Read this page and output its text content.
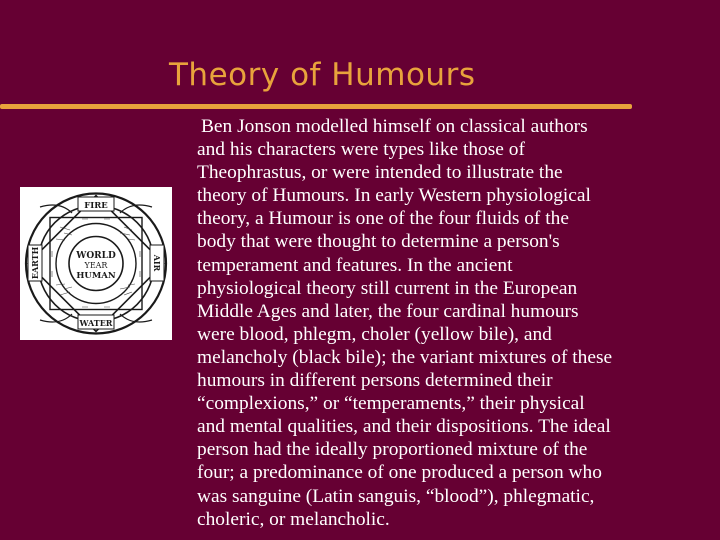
Theory of Humours
FIRE
WATER
EARTH	AIR
WORLD
YEAR
HUMAN
Ben Jonson modelled himself on classical authors
and his characters were types like those of
Theophrastus, or were intended to illustrate the
theory of Humours. In early Western physiological
theory, a Humour is one of the four fluids of the
body that were thought to determine a person's
temperament and features. In the ancient
physiological theory still current in the European
Middle Ages and later, the four cardinal humours
were blood, phlegm, choler (yellow bile), and
melancholy (black bile); the variant mixtures of these
humours in different persons determined their
“complexions,” or “temperaments,” their physical
and mental qualities, and their dispositions. The ideal
person had the ideally proportioned mixture of the
four; a predominance of one produced a person who
was sanguine (Latin sanguis, “blood”), phlegmatic,
choleric, or melancholic.
